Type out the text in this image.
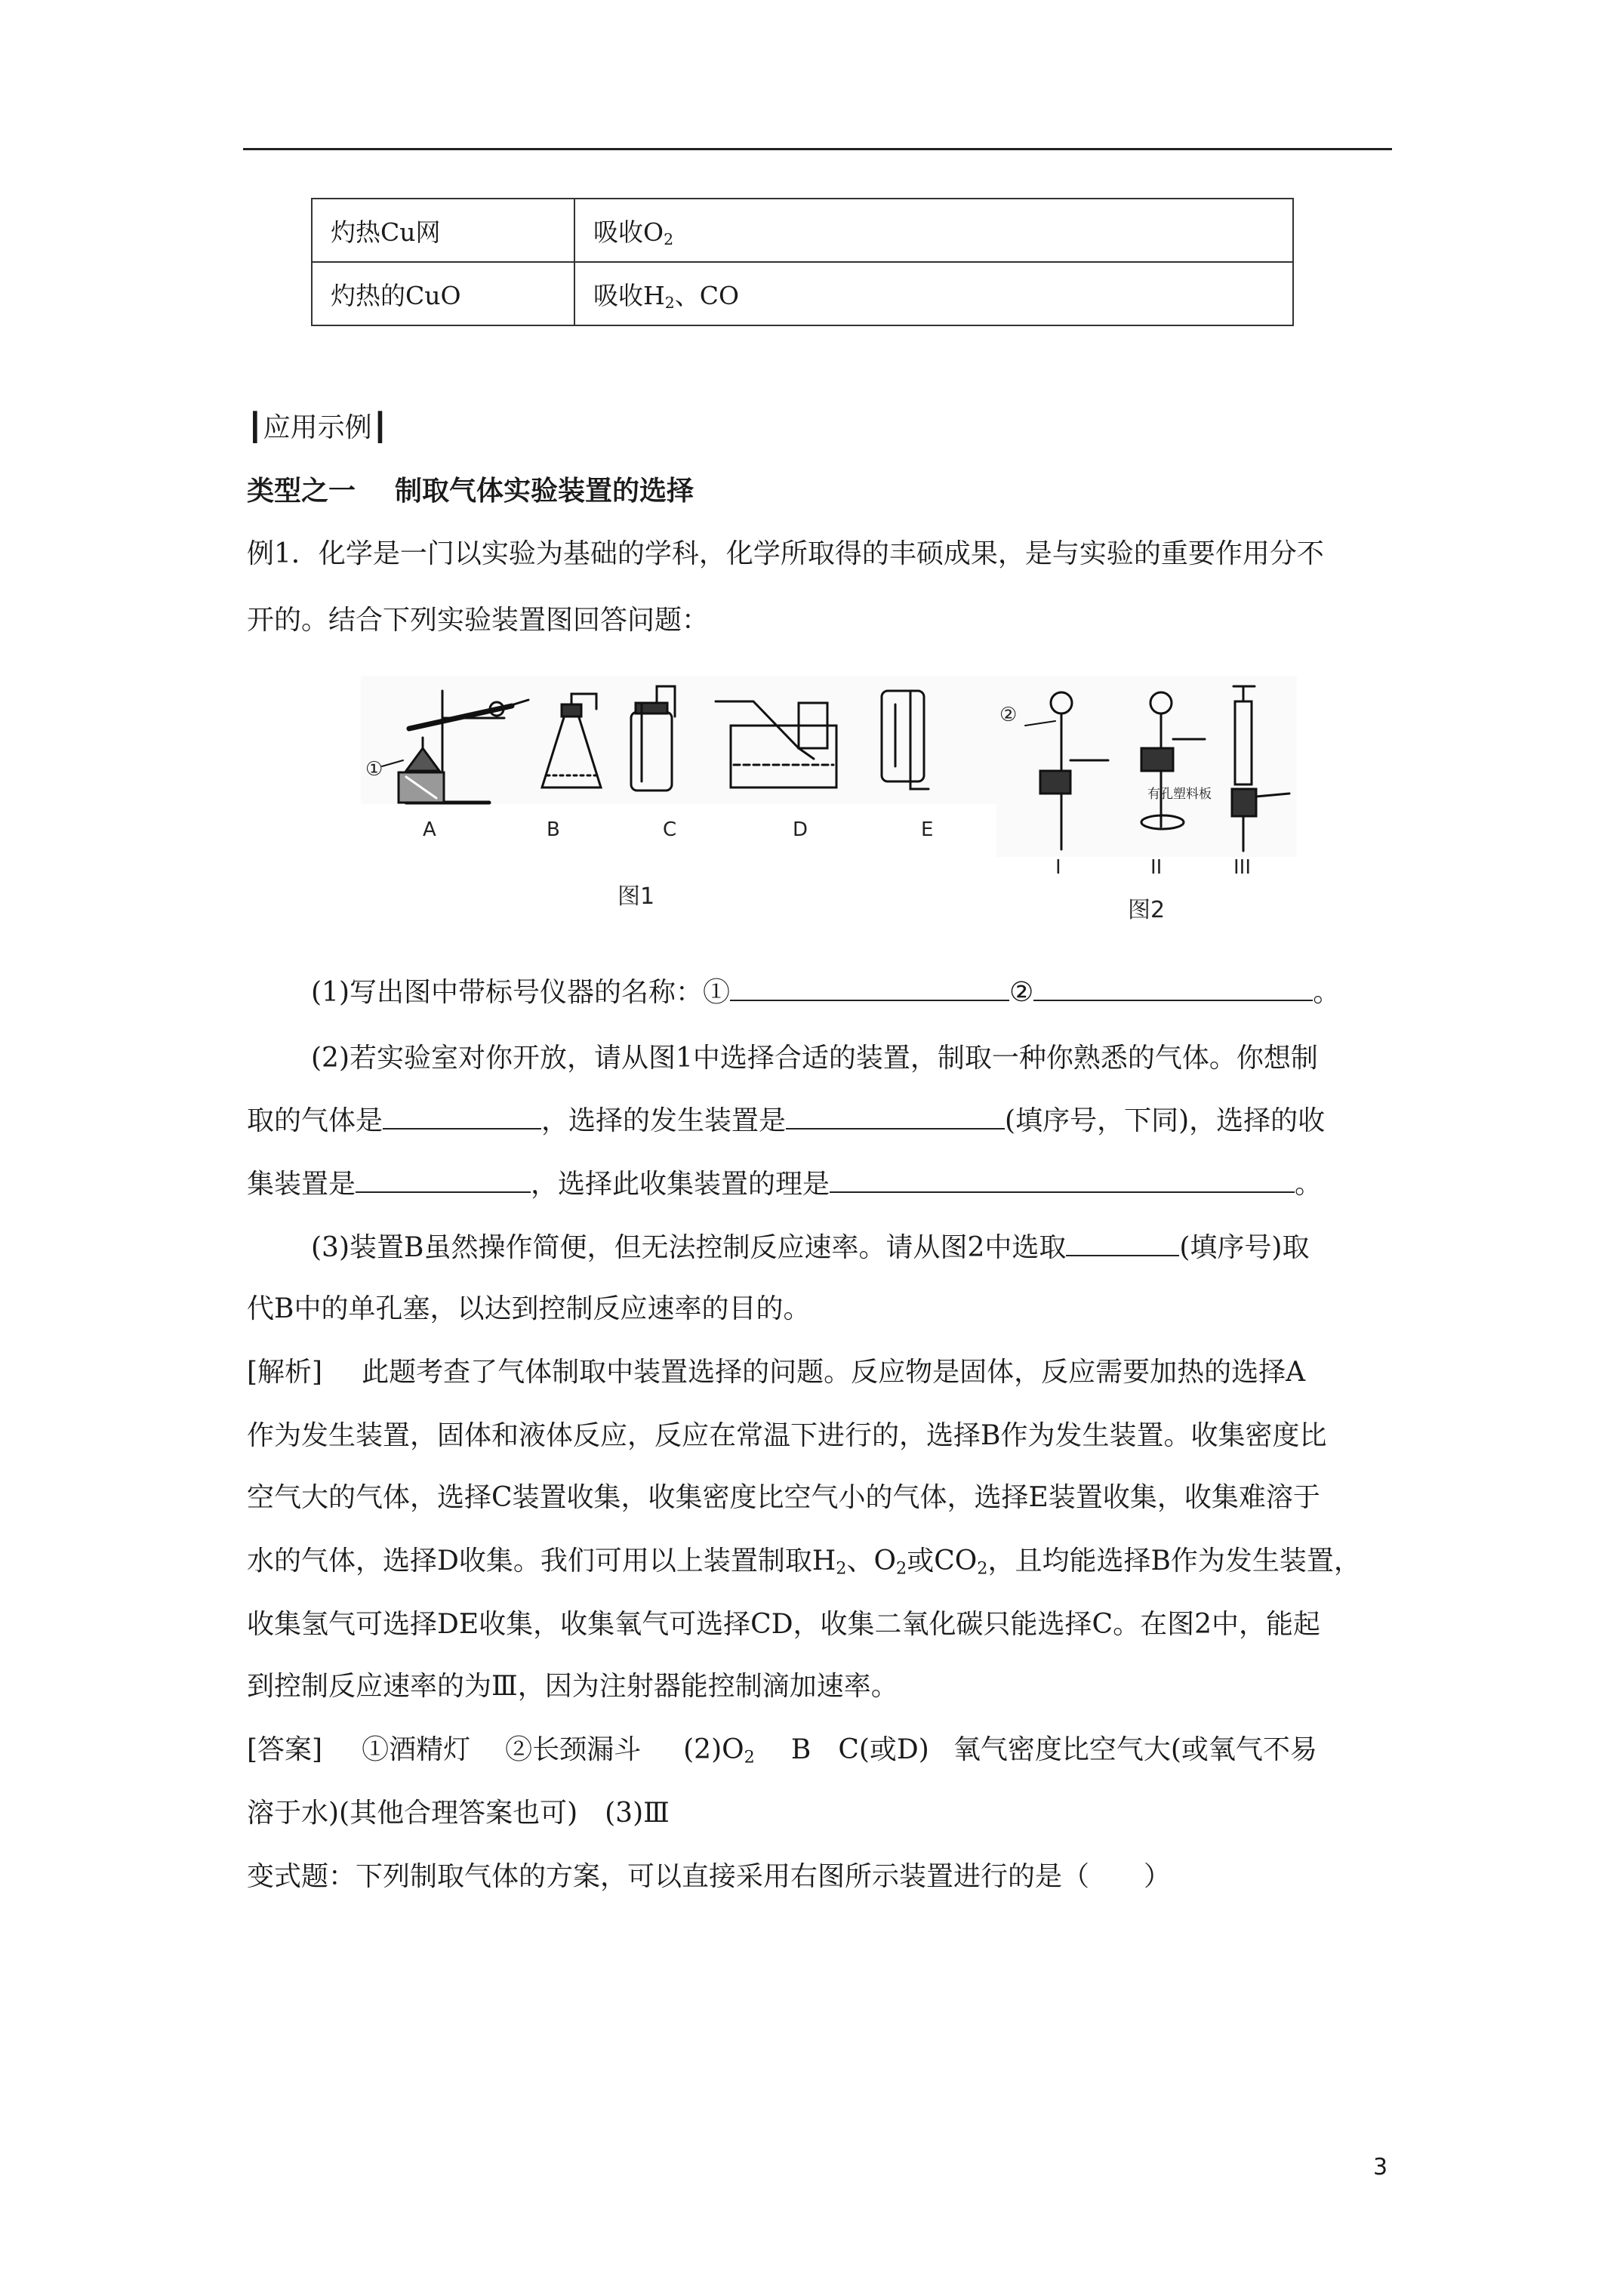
灼热Cu网	吸收$O_2$
灼热的CuO	吸收$H_2$、CO
┃应用示例┃
类型之一 制取气体实验装置的选择
例1．化学是一门以实验为基础的学科，化学所取得的丰硕成果，是与实验的重要作用分不
开的。结合下列实验装置图回答问题：
①
A	B	C	D	E
图1
②
有孔塑料板
I	II	III
图2
(1)写出图中带标号仪器的名称：①	②	。
(2)若实验室对你开放，请从图1中选择合适的装置，制取一种你熟悉的气体。你想制
取的气体是	，选择的发生装置是	(填序号，下同)，选择的收
集装置是	，选择此收集装置的理是	。
(3)装置B虽然操作简便，但无法控制反应速率。请从图2中选取	(填序号)取
代B中的单孔塞，以达到控制反应速率的目的。
[解析] 此题考查了气体制取中装置选择的问题。反应物是固体，反应需要加热的选择A
作为发生装置，固体和液体反应，反应在常温下进行的，选择B作为发生装置。收集密度比
空气大的气体，选择C装置收集，收集密度比空气小的气体，选择E装置收集，收集难溶于
水的气体，选择D收集。我们可用以上装置制取$H_2$、$O_2$或$CO_2$，且均能选择B作为发生装置，
收集氢气可选择DE收集，收集氧气可选择CD，收集二氧化碳只能选择C。在图2中，能起
到控制反应速率的为Ⅲ，因为注射器能控制滴加速率。
[答案] ①酒精灯 ②长颈漏斗 $(2)O_2$ B C(或D) 氧气密度比空气大(或氧气不易
溶于水)(其他合理答案也可)　(3)Ⅲ
变式题：下列制取气体的方案，可以直接采用右图所示装置进行的是（　　）
3
